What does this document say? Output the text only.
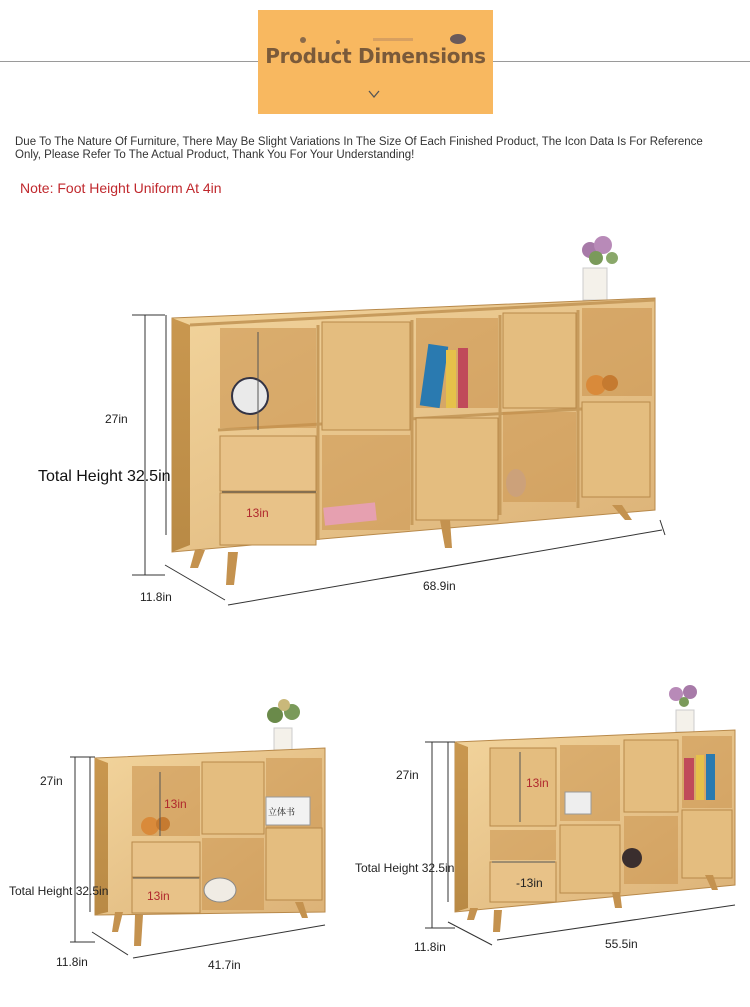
Product Dimensions
Due To The Nature Of Furniture, There May Be Slight Variations In The Size Of Each Finished Product, The Icon Data Is For Reference Only, Please Refer To The Actual Product, Thank You For Your Understanding!
Note: Foot Height Uniform At 4in
27in
Total Height 32.5in
13in
11.8in
68.9in
27in
13in
立体书
Total Height 32.5in	13in
11.8in	41.7in
27in
13in
Total Height 32.5in
-13in
11.8in	55.5in
